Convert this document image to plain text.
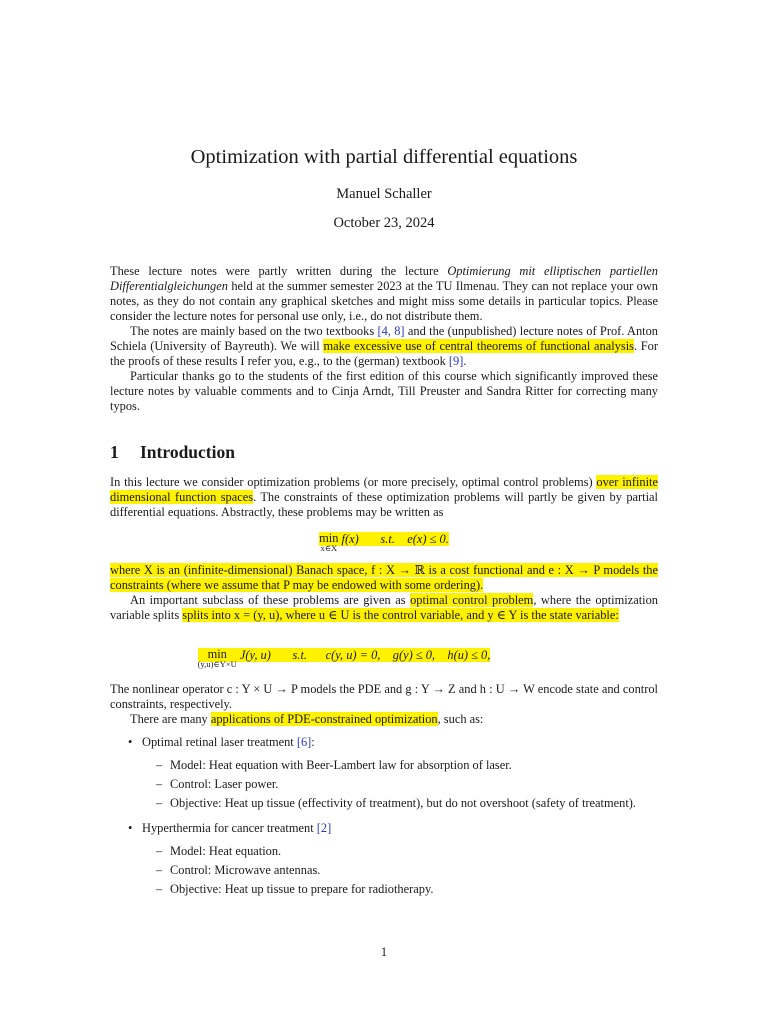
Optimization with partial differential equations
Manuel Schaller
October 23, 2024

These lecture notes were partly written during the lecture Optimierung mit elliptischen partiellen Differentialgleichungen held at the summer semester 2023 at the TU Ilmenau. They can not replace your own notes, as they do not contain any graphical sketches and might miss some details in particular topics. Please consider the lecture notes for personal use only, i.e., do not distribute them.

The notes are mainly based on the two textbooks [4, 8] and the (unpublished) lecture notes of Prof. Anton Schiela (University of Bayreuth). We will make excessive use of central theorems of functional analysis. For the proofs of these results I refer you, e.g., to the (german) textbook [9].

Particular thanks go to the students of the first edition of this course which significantly improved these lecture notes by valuable comments and to Cinja Arndt, Till Preuster and Sandra Ritter for correcting many typos.

1 Introduction

In this lecture we consider optimization problems (or more precisely, optimal control problems) over infinite dimensional function spaces. The constraints of these optimization problems will partly be given by partial differential equations. Abstractly, these problems may be written as

min
x∈X
f(x)       s.t.    e(x) ≤ 0.

where X is an (infinite-dimensional) Banach space, f : X → ℝ is a cost functional and e : X → P models the constraints (where we assume that P may be endowed with some ordering).

An important subclass of these problems are given as optimal control problem, where the optimization variable splits splits into x = (y, u), where u ∈ U is the control variable, and y ∈ Y is the state variable:

min
(y,u)∈Y×U
J(y, u)       s.t.      c(y, u) = 0,    g(y) ≤ 0,    h(u) ≤ 0,

The nonlinear operator c : Y × U → P models the PDE and g : Y → Z and h : U → W encode state and control constraints, respectively.

There are many applications of PDE-constrained optimization, such as:

• Optimal retinal laser treatment [6]:
– Model: Heat equation with Beer-Lambert law for absorption of laser.
– Control: Laser power.
– Objective: Heat up tissue (effectivity of treatment), but do not overshoot (safety of treatment).
• Hyperthermia for cancer treatment [2]
– Model: Heat equation.
– Control: Microwave antennas.
– Objective: Heat up tissue to prepare for radiotherapy.
1
